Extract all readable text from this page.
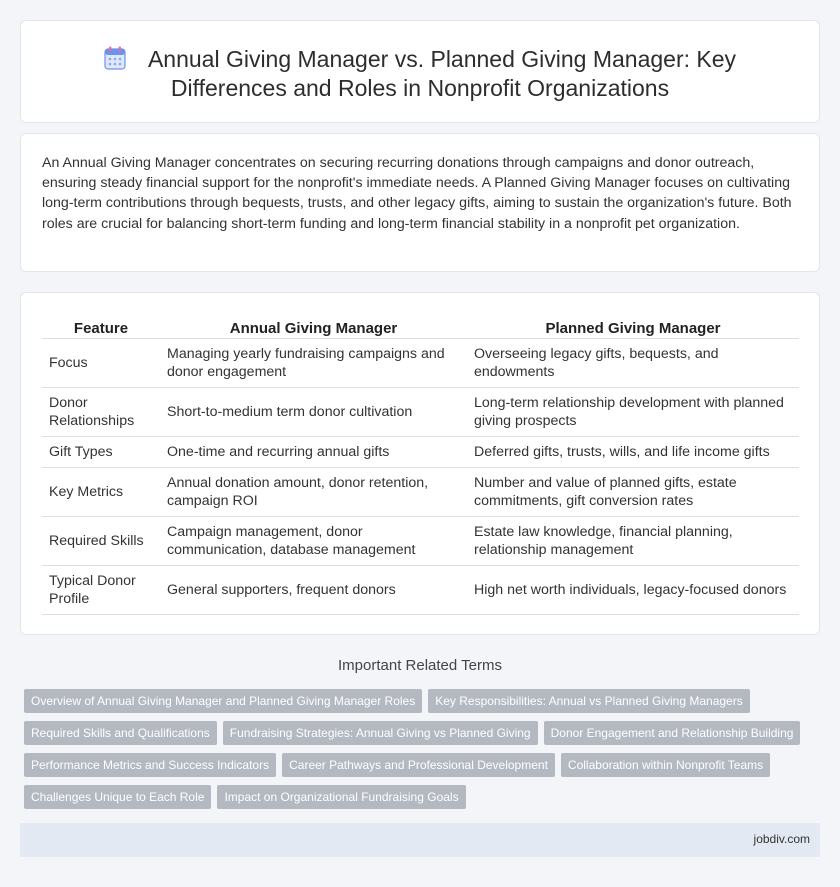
Annual Giving Manager vs. Planned Giving Manager: Key Differences and Roles in Nonprofit Organizations

An Annual Giving Manager concentrates on securing recurring donations through campaigns and donor outreach, ensuring steady financial support for the nonprofit's immediate needs. A Planned Giving Manager focuses on cultivating long-term contributions through bequests, trusts, and other legacy gifts, aiming to sustain the organization's future. Both roles are crucial for balancing short-term funding and long-term financial stability in a nonprofit pet organization.

Feature	Annual Giving Manager	Planned Giving Manager
Focus	Managing yearly fundraising campaigns and donor engagement	Overseeing legacy gifts, bequests, and endowments
Donor Relationships	Short-to-medium term donor cultivation	Long-term relationship development with planned giving prospects
Gift Types	One-time and recurring annual gifts	Deferred gifts, trusts, wills, and life income gifts
Key Metrics	Annual donation amount, donor retention, campaign ROI	Number and value of planned gifts, estate commitments, gift conversion rates
Required Skills	Campaign management, donor communication, database management	Estate law knowledge, financial planning, relationship management
Typical Donor Profile	General supporters, frequent donors	High net worth individuals, legacy-focused donors
Important Related Terms
Overview of Annual Giving Manager and Planned Giving Manager Roles	Key Responsibilities: Annual vs Planned Giving Managers
Required Skills and Qualifications	Fundraising Strategies: Annual Giving vs Planned Giving	Donor Engagement and Relationship Building
Performance Metrics and Success Indicators	Career Pathways and Professional Development	Collaboration within Nonprofit Teams
Challenges Unique to Each Role	Impact on Organizational Fundraising Goals
jobdiv.com
